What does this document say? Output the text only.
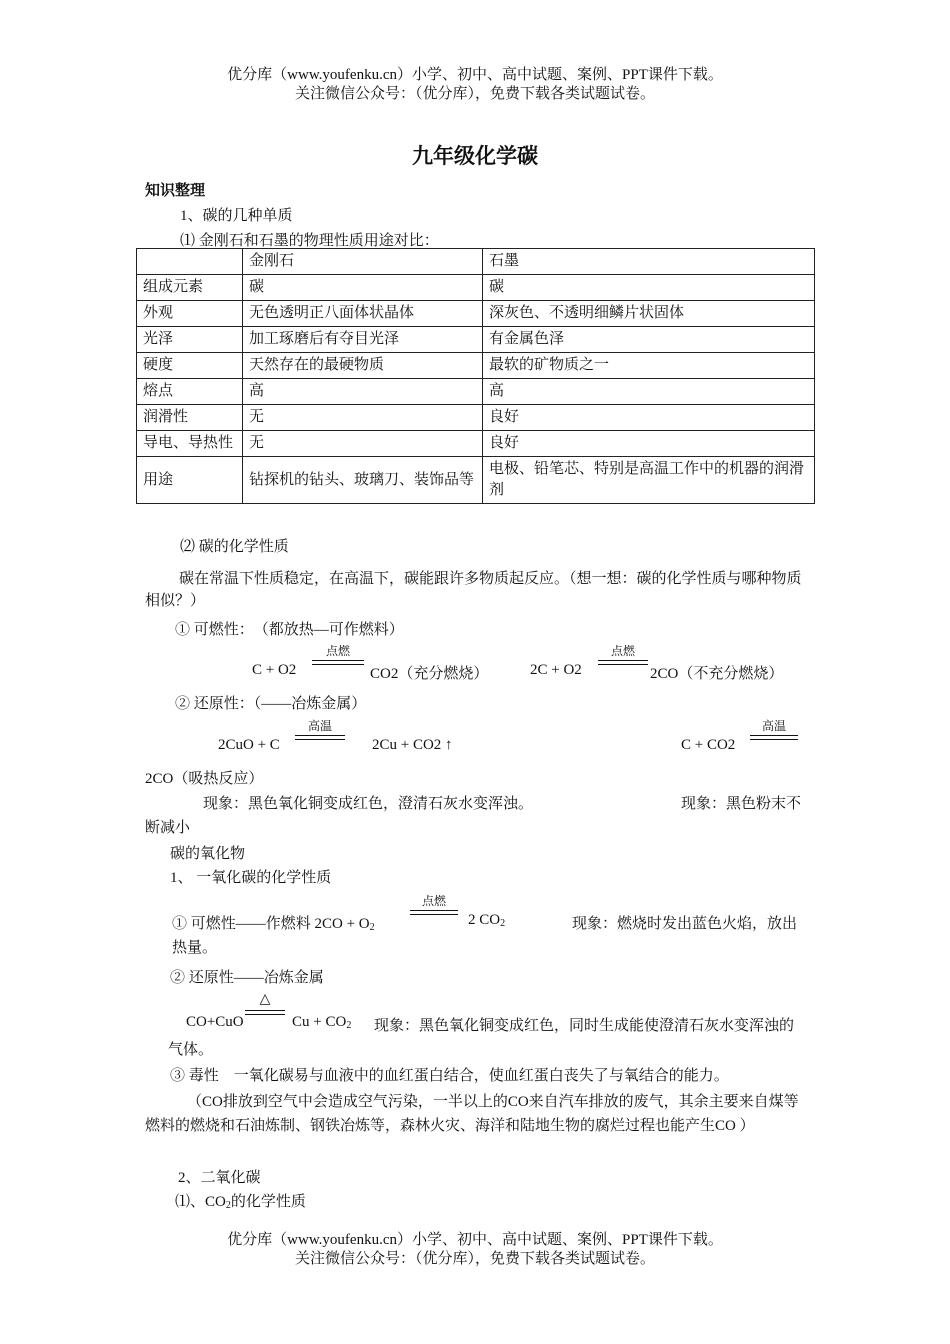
优分库（www.youfenku.cn）小学、初中、高中试题、案例、PPT课件下载。
关注微信公众号：（优分库），免费下载各类试题试卷。
九年级化学碳
知识整理
1、碳的几种单质
⑴ 金刚石和石墨的物理性质用途对比：
	金刚石	石墨
组成元素	碳	碳
外观	无色透明正八面体状晶体	深灰色、不透明细鳞片状固体
光泽	加工琢磨后有夺目光泽	有金属色泽
硬度	天然存在的最硬物质	最软的矿物质之一
熔点	高	高
润滑性	无	良好
导电、导热性	无	良好
用途	钻探机的钻头、玻璃刀、装饰品等	电极、铅笔芯、特别是高温工作中的机器的润滑剂
⑵ 碳的化学性质
碳在常温下性质稳定，在高温下，碳能跟许多物质起反应。（想一想：碳的化学性质与哪种物质相似？）
① 可燃性：　（都放热—可作燃料）
C + O2
点燃
CO2（充分燃烧）	2C + O2
点燃
2CO（不充分燃烧）
② 还原性：（——冶炼金属）
2CuO + C
高温
2Cu + CO2 ↑	C + CO2
高温
2CO（吸热反应）
现象：黑色氧化铜变成红色，澄清石灰水变浑浊。	现象：黑色粉末不断减小
碳的氧化物
1、 一氧化碳的化学性质
① 可燃性——作燃料 $2CO + O_2$
点燃
2 $CO_2$	现象：燃烧时发出蓝色火焰，放出热量。
② 还原性——冶炼金属
CO+CuO
△
$Cu + CO_2$	现象：黑色氧化铜变成红色，同时生成能使澄清石灰水变浑浊的气体。
③ 毒性　一氧化碳易与血液中的血红蛋白结合，使血红蛋白丧失了与氧结合的能力。
（CO排放到空气中会造成空气污染，一半以上的CO来自汽车排放的废气，其余主要来自煤等燃料的燃烧和石油炼制、钢铁冶炼等，森林火灾、海洋和陆地生物的腐烂过程也能产生CO ）
2、二氧化碳
⑴、$CO_2$的化学性质
优分库（www.youfenku.cn）小学、初中、高中试题、案例、PPT课件下载。
关注微信公众号：（优分库），免费下载各类试题试卷。
